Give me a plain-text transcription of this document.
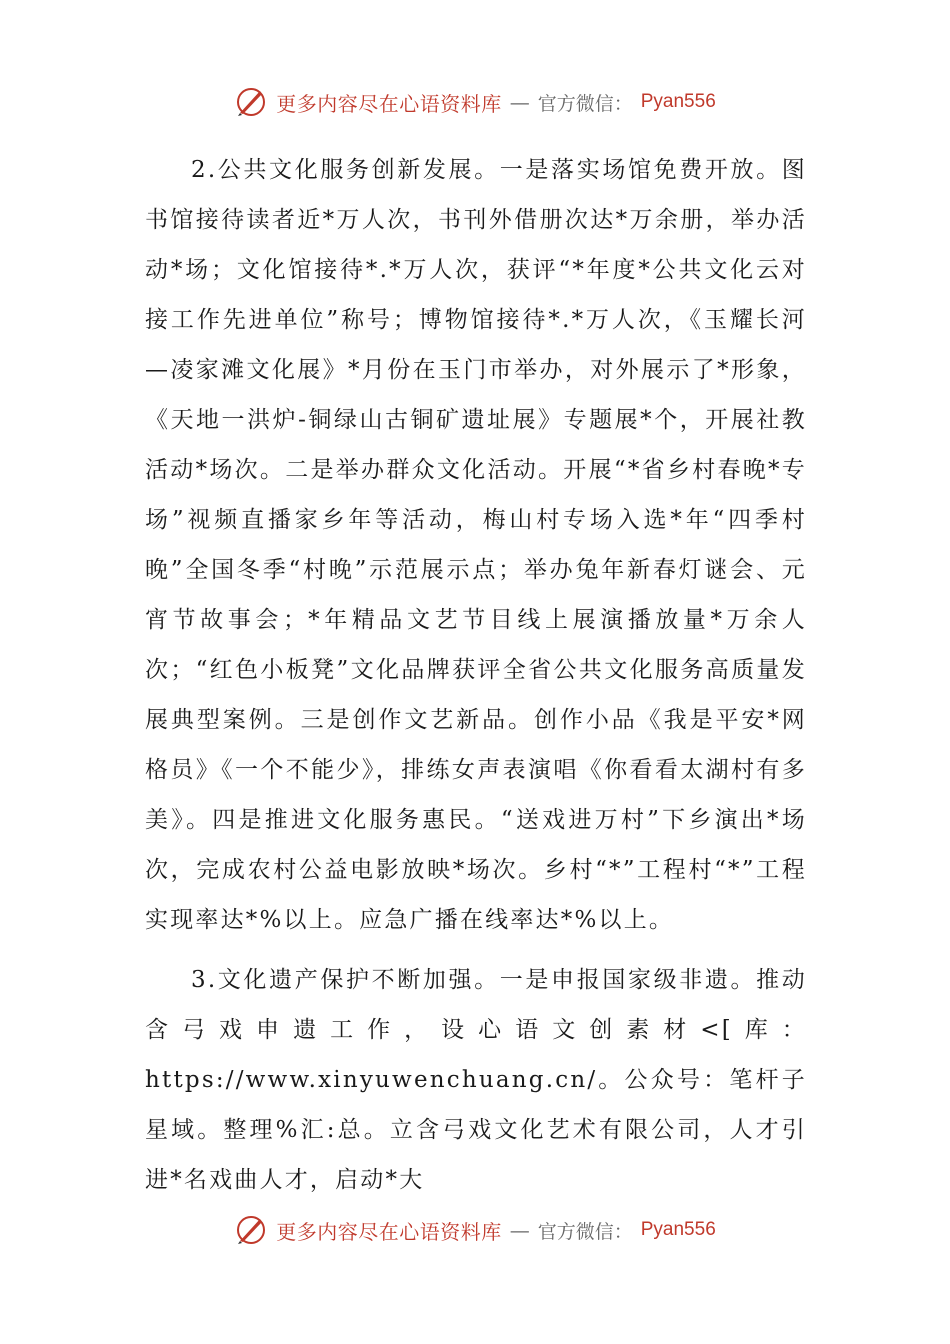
更多内容尽在心语资料库 — 官方微信： Pyan556

2.公共文化服务创新发展。一是落实场馆免费开放。图书馆接待读者近*万人次，书刊外借册次达*万余册，举办活动*场；文化馆接待*.*万人次，获评“*年度*公共文化云对接工作先进单位”称号；博物馆接待*.*万人次，《玉耀长河—凌家滩文化展》*月份在玉门市举办，对外展示了*形象，《天地一洪炉-铜绿山古铜矿遗址展》专题展*个，开展社教活动*场次。二是举办群众文化活动。开展“*省乡村春晚*专场”视频直播家乡年等活动，梅山村专场入选*年“四季村晚”全国冬季“村晚”示范展示点；举办兔年新春灯谜会、元宵节故事会；*年精品文艺节目线上展演播放量*万余人次；“红色小板凳”文化品牌获评全省公共文化服务高质量发展典型案例。三是创作文艺新品。创作小品《我是平安*网格员》《一个不能少》，排练女声表演唱《你看看太湖村有多美》。四是推进文化服务惠民。“送戏进万村”下乡演出*场次，完成农村公益电影放映*场次。乡村“*”工程村“*”工程实现率达*%以上。应急广播在线率达*%以上。

3.文化遗产保护不断加强。一是申报国家级非遗。推动含弓戏申遗工作，设心语文创素材<[库：https://www.xinyuwenchuang.cn/。公众号：笔杆子星域。整理%汇:总。立含弓戏文化艺术有限公司，人才引进*名戏曲人才，启动*大

更多内容尽在心语资料库 — 官方微信： Pyan556
